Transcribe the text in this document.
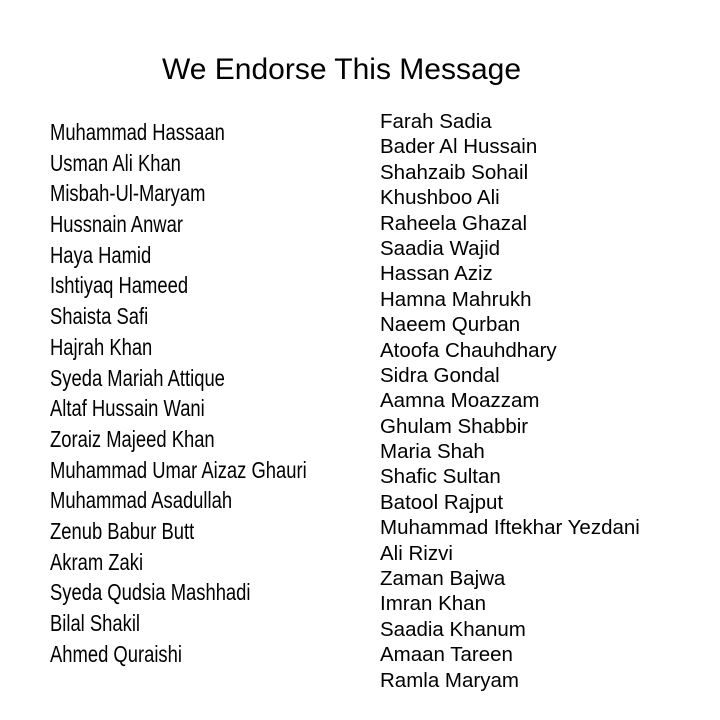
We Endorse This Message
Muhammad Hassaan
Usman Ali Khan
Misbah-Ul-Maryam
Hussnain Anwar
Haya Hamid
Ishtiyaq Hameed
Shaista Safi
Hajrah Khan
Syeda Mariah Attique
Altaf Hussain Wani
Zoraiz Majeed Khan
Muhammad Umar Aizaz Ghauri
Muhammad Asadullah
Zenub Babur Butt
Akram Zaki
Syeda Qudsia Mashhadi
Bilal Shakil
Ahmed Quraishi
Farah Sadia
Bader Al Hussain
Shahzaib Sohail
Khushboo Ali
Raheela Ghazal
Saadia Wajid
Hassan Aziz
Hamna Mahrukh
Naeem Qurban
Atoofa Chauhdhary
Sidra Gondal
Aamna Moazzam
Ghulam Shabbir
Maria Shah
Shafic Sultan
Batool Rajput
Muhammad Iftekhar Yezdani
Ali Rizvi
Zaman Bajwa
Imran Khan
Saadia Khanum
Amaan Tareen
Ramla Maryam
